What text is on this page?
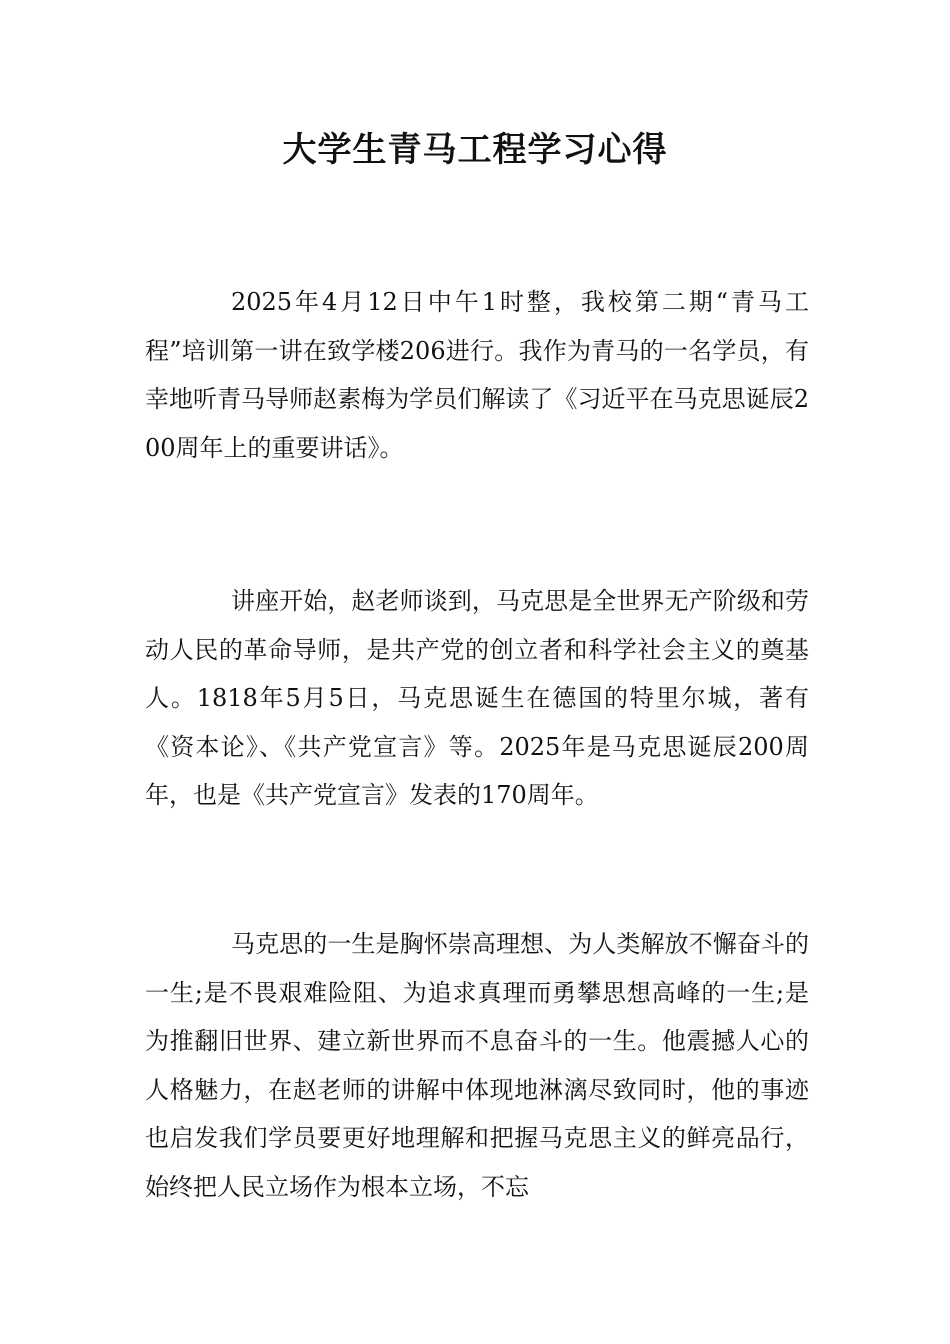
大学生青马工程学习心得

2025年4月12日中午1时整，我校第二期“青马工程”培训第一讲在致学楼206进行。我作为青马的一名学员，有幸地听青马导师赵素梅为学员们解读了《习近平在马克思诞辰200周年上的重要讲话》。

讲座开始，赵老师谈到，马克思是全世界无产阶级和劳动人民的革命导师，是共产党的创立者和科学社会主义的奠基人。1818年5月5日，马克思诞生在德国的特里尔城，著有《资本论》、《共产党宣言》等。2025年是马克思诞辰200周年，也是《共产党宣言》发表的170周年。

马克思的一生是胸怀崇高理想、为人类解放不懈奋斗的一生;是不畏艰难险阻、为追求真理而勇攀思想高峰的一生;是为推翻旧世界、建立新世界而不息奋斗的一生。他震撼人心的人格魅力，在赵老师的讲解中体现地淋漓尽致同时，他的事迹也启发我们学员要更好地理解和把握马克思主义的鲜亮品行，始终把人民立场作为根本立场，不忘
